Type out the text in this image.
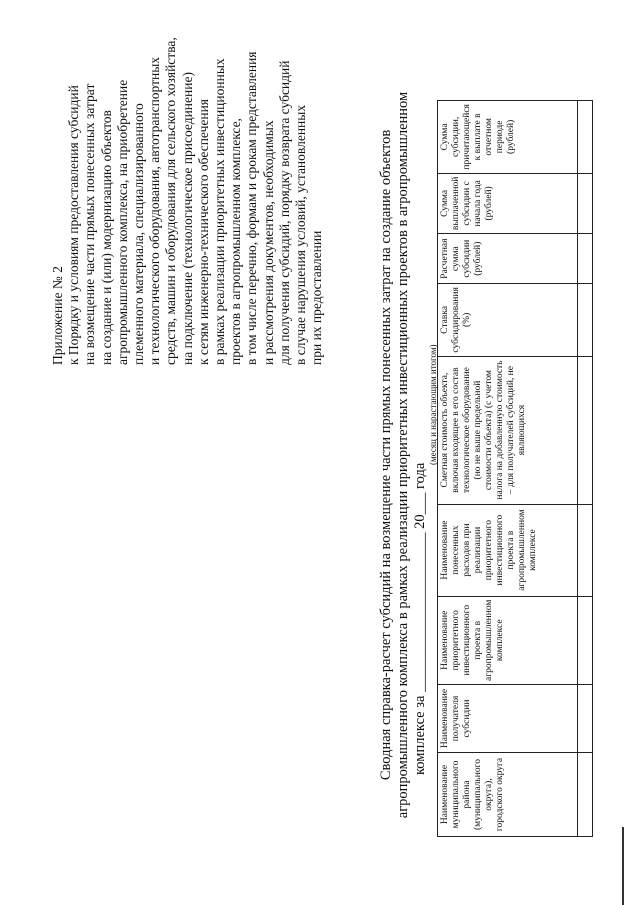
Приложение № 2 к Порядку и условиям предоставления субсидий на возмещение части прямых понесенных затрат на создание и (или) модернизацию объектов агропромышленного комплекса, на приобретение племенного материала, специализированного и технологического оборудования, автотранспортных средств, машин и оборудования для сельского хозяйства, на подключение (технологическое присоединение) к сетям инженерно-технического обеспечения в рамках реализации приоритетных инвестиционных проектов в агропромышленном комплексе, в том числе перечню, формам и срокам представления и рассмотрения документов, необходимых для получения субсидий, порядку возврата субсидий в случае нарушения условий, установленных при их предоставлении	Сводная справка-расчет субсидий на возмещение части прямых понесенных затрат на создание объектов агропромышленного комплекса в рамках реализации приоритетных инвестиционных проектов в агропромышленном комплексе за ______________________ 20___ года
(месяц и нарастающим итогом)
Наименование муниципального района (муниципального округа), городского округа	Наименование получателя субсидии	Наименование приоритетного инвестиционного проекта в агропромышленном комплексе	Наименование понесенных расходов при реализации приоритетного инвестиционного проекта в агропромышленном комплексе	Сметная стоимость объекта, включая входящее в его состав технологическое оборудование (но не выше предельной стоимости объекта) (с учетом налога на добавленную стоимость – для получателей субсидий, не являющихся	Ставка субсидирования (%)	Расчетная сумма субсидии (рублей)	Сумма выплаченной субсидии с начала года (рублей)	Сумма субсидии, причитающейся к выплате в отчетном периоде (рублей)
